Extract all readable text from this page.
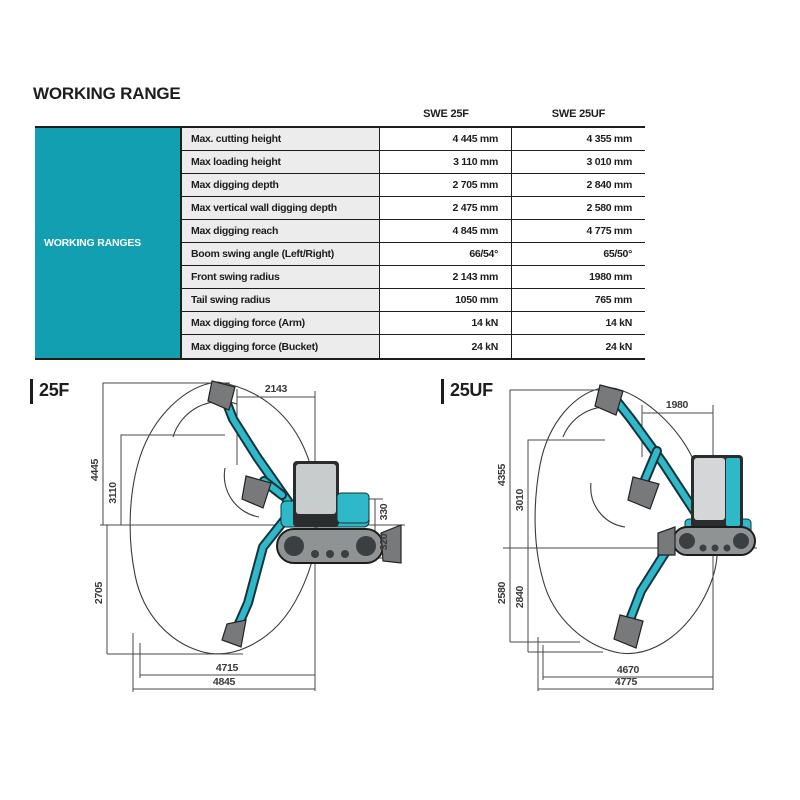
WORKING RANGE
SWE 25F	SWE 25UF
WORKING RANGES
Max. cutting height	4 445 mm	4 355 mm
Max loading height	3 110 mm	3 010 mm
Max digging depth	2 705 mm	2 840 mm
Max vertical wall digging depth	2 475 mm	2 580 mm
Max digging reach	4 845 mm	4 775 mm
Boom swing angle (Left/Right)	66/54°	65/50°
Front swing radius	2 143 mm	1980 mm
Tail swing radius	1050 mm	765 mm
Max digging force (Arm)	14 kN	14 kN
Max digging force (Bucket)	24 kN	24 kN
25F	2143
4445
3110
330
320
2705
4715
4845
25UF
1980
4355
3010
2580 2840
4670
4775
